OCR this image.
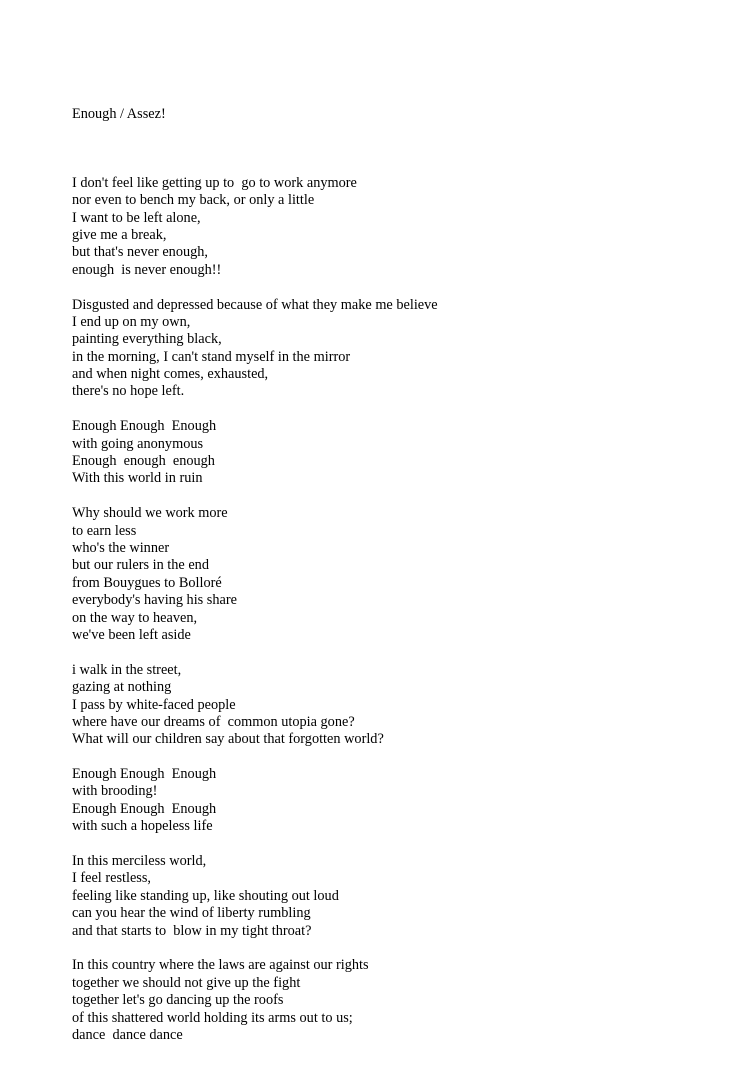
Enough / Assez!

I don't feel like getting up to  go to work anymore
nor even to bench my back, or only a little
I want to be left alone,
give me a break,
but that's never enough,
enough  is never enough!!
Disgusted and depressed because of what they make me believe
I end up on my own,
painting everything black,
in the morning, I can't stand myself in the mirror
and when night comes, exhausted,
there's no hope left.
Enough Enough  Enough
with going anonymous
Enough  enough  enough
With this world in ruin
Why should we work more
to earn less
who's the winner
but our rulers in the end
from Bouygues to Bolloré
everybody's having his share
on the way to heaven,
we've been left aside
i walk in the street,
gazing at nothing
I pass by white-faced people
where have our dreams of  common utopia gone?
What will our children say about that forgotten world?
Enough Enough  Enough
with brooding!
Enough Enough  Enough
with such a hopeless life
In this merciless world,
I feel restless,
feeling like standing up, like shouting out loud
can you hear the wind of liberty rumbling
and that starts to  blow in my tight throat?
In this country where the laws are against our rights
together we should not give up the fight
together let's go dancing up the roofs
of this shattered world holding its arms out to us;
dance  dance dance
